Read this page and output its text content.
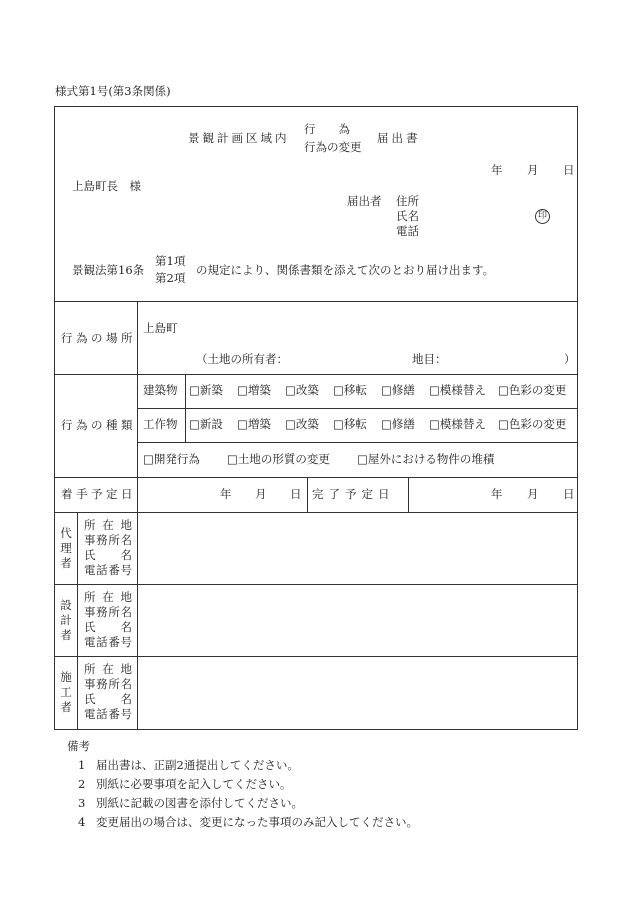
様式第1号(第3条関係)
景観計画区域内
行　　為
行為の変更
届出書
年 月 日
上島町長　様
届出者 住所
氏名	印
電話
景観法第16条
第1項
第2項
の規定により、関係書類を添えて次のとおり届け出ます。
行為の場所
上島町
（土地の所有者：	地目：	）
行為の種類
建築物 □新築 □増築 □改築 □移転 □修繕 □模様替え □色彩の変更
工作物 □新設 □増築 □改築 □移転 □修繕 □模様替え □色彩の変更
□開発行為 □土地の形質の変更 □屋外における物件の堆積
着手予定日	年 月 日 完了予定日	年 月 日
代理者
所在地
事務所名
氏名
電話番号
設計者
所在地
事務所名
氏名
電話番号
施工者
所在地
事務所名
氏名
電話番号
備考
1 届出書は、正副2通提出してください。
2 別紙に必要事項を記入してください。
3 別紙に記載の図書を添付してください。
4 変更届出の場合は、変更になった事項のみ記入してください。
